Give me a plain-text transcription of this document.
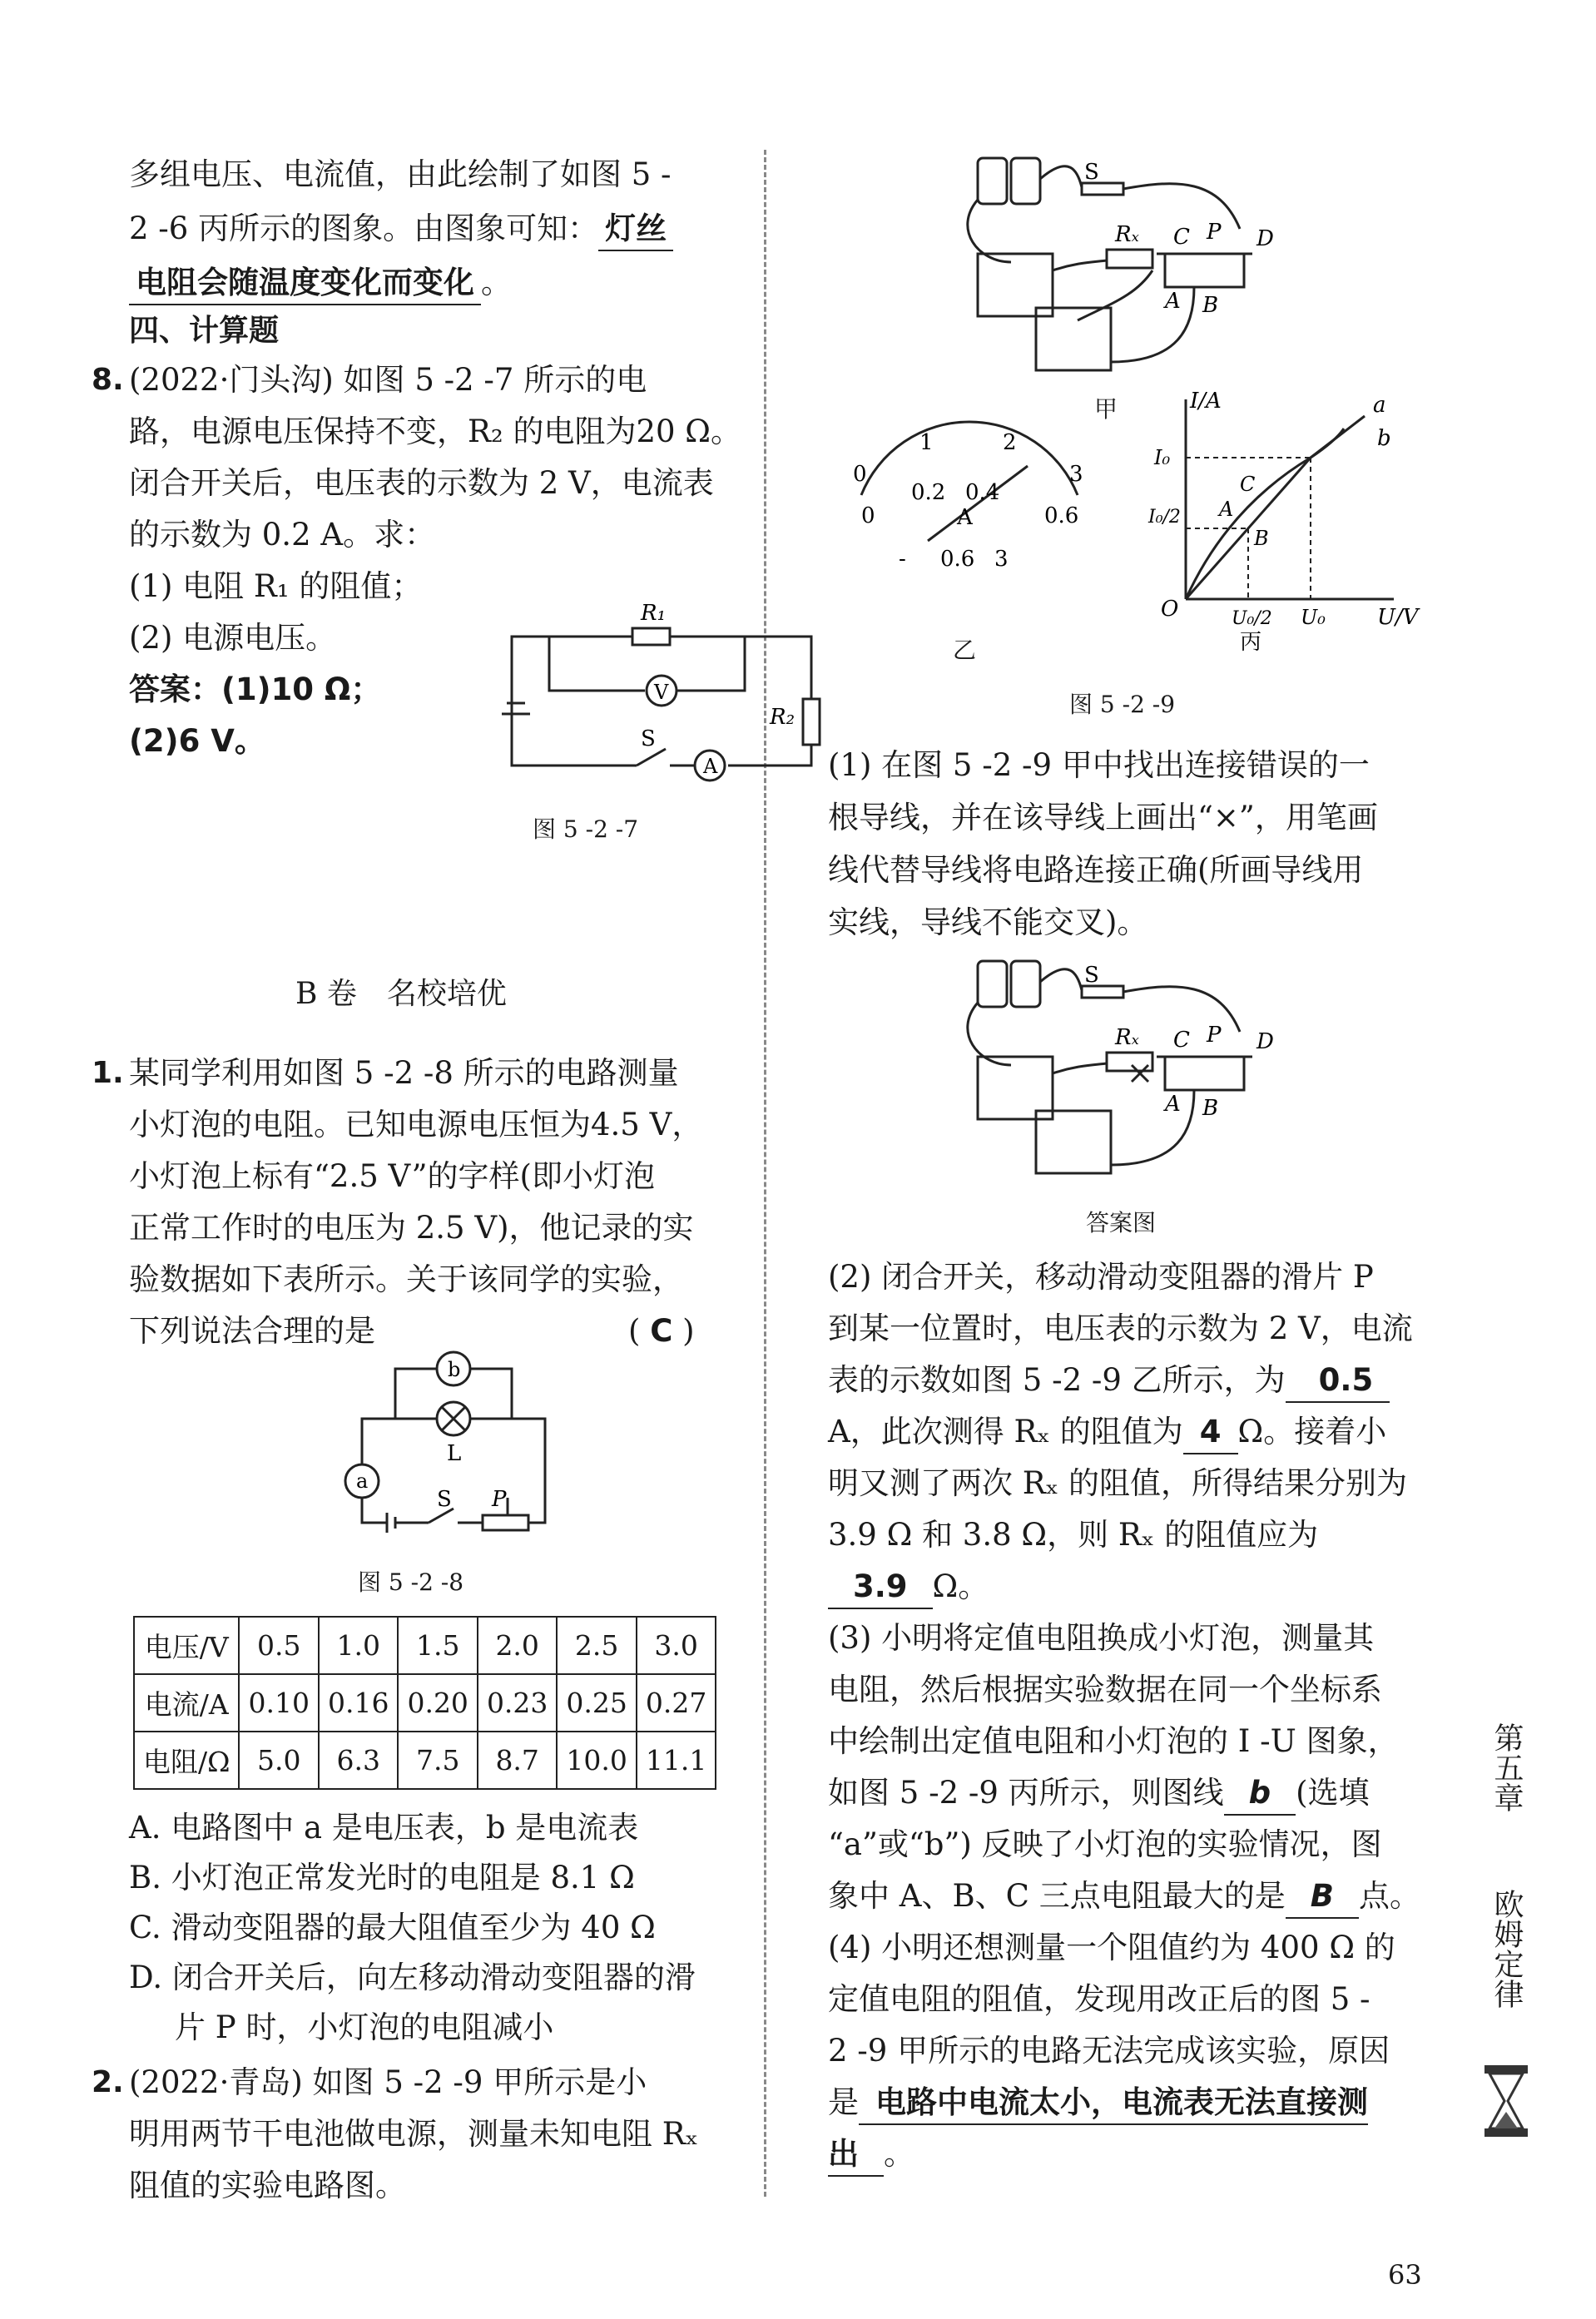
多组电压、电流值，由此绘制了如图 5 -
2 -6 丙所示的图象。由图象可知： 灯丝
电阻会随温度变化而变化 。
四、计算题
8. (2022·门头沟) 如图 5 -2 -7 所示的电
路，电源电压保持不变，R₂ 的电阻为20 Ω。
闭合开关后，电压表的示数为 2 V，电流表
的示数为 0.2 A。求：
(1) 电阻 R₁ 的阻值；
(2) 电源电压。
答案：(1)10 Ω；
(2)6 V。
R₁
V
R₂
A
S
图 5 -2 -7
B 卷　名校培优
1. 某同学利用如图 5 -2 -8 所示的电路测量
小灯泡的电阻。已知电源电压恒为4.5 V，
小灯泡上标有“2.5 V”的字样(即小灯泡
正常工作时的电压为 2.5 V)，他记录的实
验数据如下表所示。关于该同学的实验，
下列说法合理的是	( C )
b
a
L
S P
图 5 -2 -8
电压/V	0.5	1.0	1.5	2.0	2.5	3.0
电流/A	0.10	0.16	0.20	0.23	0.25	0.27
电阻/Ω	5.0	6.3	7.5	8.7	10.0	11.1
A. 电路图中 a 是电压表，b 是电流表
B. 小灯泡正常发光时的电阻是 8.1 Ω
C. 滑动变阻器的最大阻值至少为 40 Ω
D. 闭合开关后，向左移动滑动变阻器的滑
片 P 时，小灯泡的电阻减小
2. (2022·青岛) 如图 5 -2 -9 甲所示是小
明用两节干电池做电源，测量未知电阻 Rₓ
阻值的实验电路图。
S
Rₓ C P D
A B
甲
0
1	2
3
0
0.2 0.4
0.6
A
- 0.6 3
乙
I/A
U/V
I₀
I₀/2
O	U₀/2 U₀
a
b
A
B
C
丙
图 5 -2 -9
(1) 在图 5 -2 -9 甲中找出连接错误的一
根导线，并在该导线上画出“×”，用笔画
线代替导线将电路连接正确(所画导线用
实线，导线不能交叉)。
S
Rₓ C P D
A B
答案图
(2) 闭合开关，移动滑动变阻器的滑片 P
到某一位置时，电压表的示数为 2 V，电流
表的示数如图 5 -2 -9 乙所示，为 0.5
A，此次测得 Rₓ 的阻值为 4 Ω。接着小
明又测了两次 Rₓ 的阻值，所得结果分别为
3.9 Ω 和 3.8 Ω，则 Rₓ 的阻值应为
3.9 Ω。
(3) 小明将定值电阻换成小灯泡，测量其
电阻，然后根据实验数据在同一个坐标系
中绘制出定值电阻和小灯泡的 I -U 图象，
如图 5 -2 -9 丙所示，则图线 b (选填
“a”或“b”) 反映了小灯泡的实验情况，图
象中 A、B、C 三点电阻最大的是 B 点。
(4) 小明还想测量一个阻值约为 400 Ω 的
定值电阻的阻值，发现用改正后的图 5 -
2 -9 甲所示的电路无法完成该实验，原因
是 电路中电流太小，电流表无法直接测
出 。
第五章
欧姆定律
63
